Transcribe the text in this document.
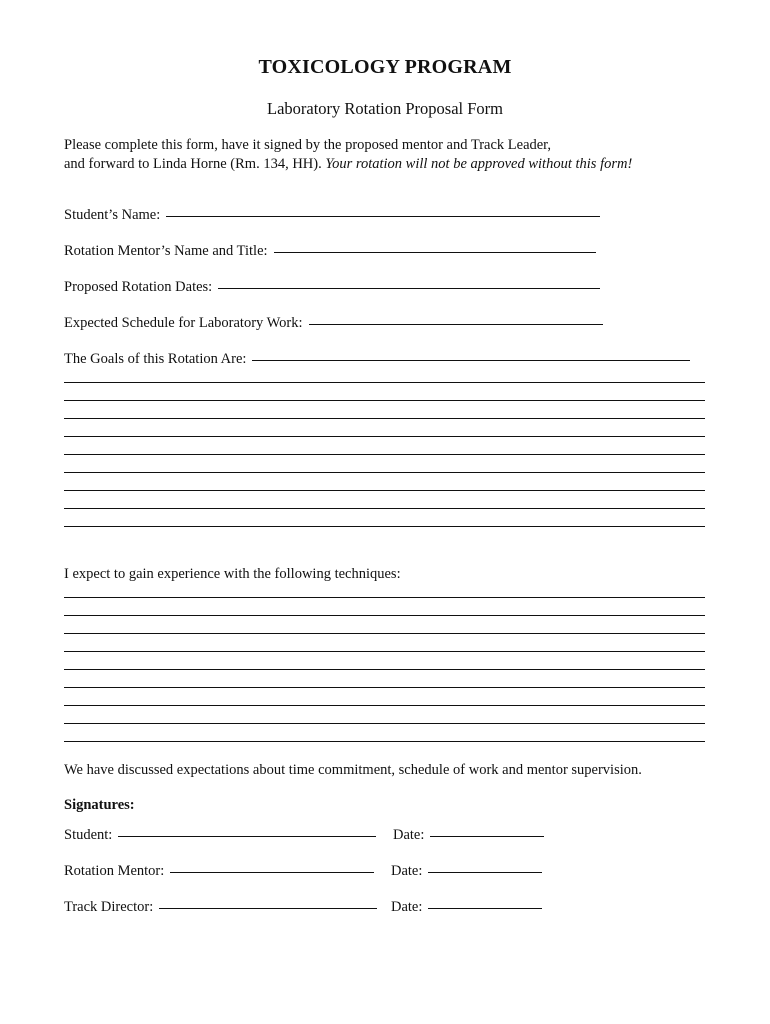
TOXICOLOGY PROGRAM
Laboratory Rotation Proposal Form
Please complete this form, have it signed by the proposed mentor and Track Leader,
and forward to Linda Horne (Rm. 134, HH). Your rotation will not be approved without this form!
Student’s Name:
Rotation Mentor’s Name and Title:
Proposed Rotation Dates:
Expected Schedule for Laboratory Work:
The Goals of this Rotation Are:
I expect to gain experience with the following techniques:
We have discussed expectations about time commitment, schedule of work and mentor supervision.
Signatures:
Student:	Date:
Rotation Mentor:	Date:
Track Director:	Date:
